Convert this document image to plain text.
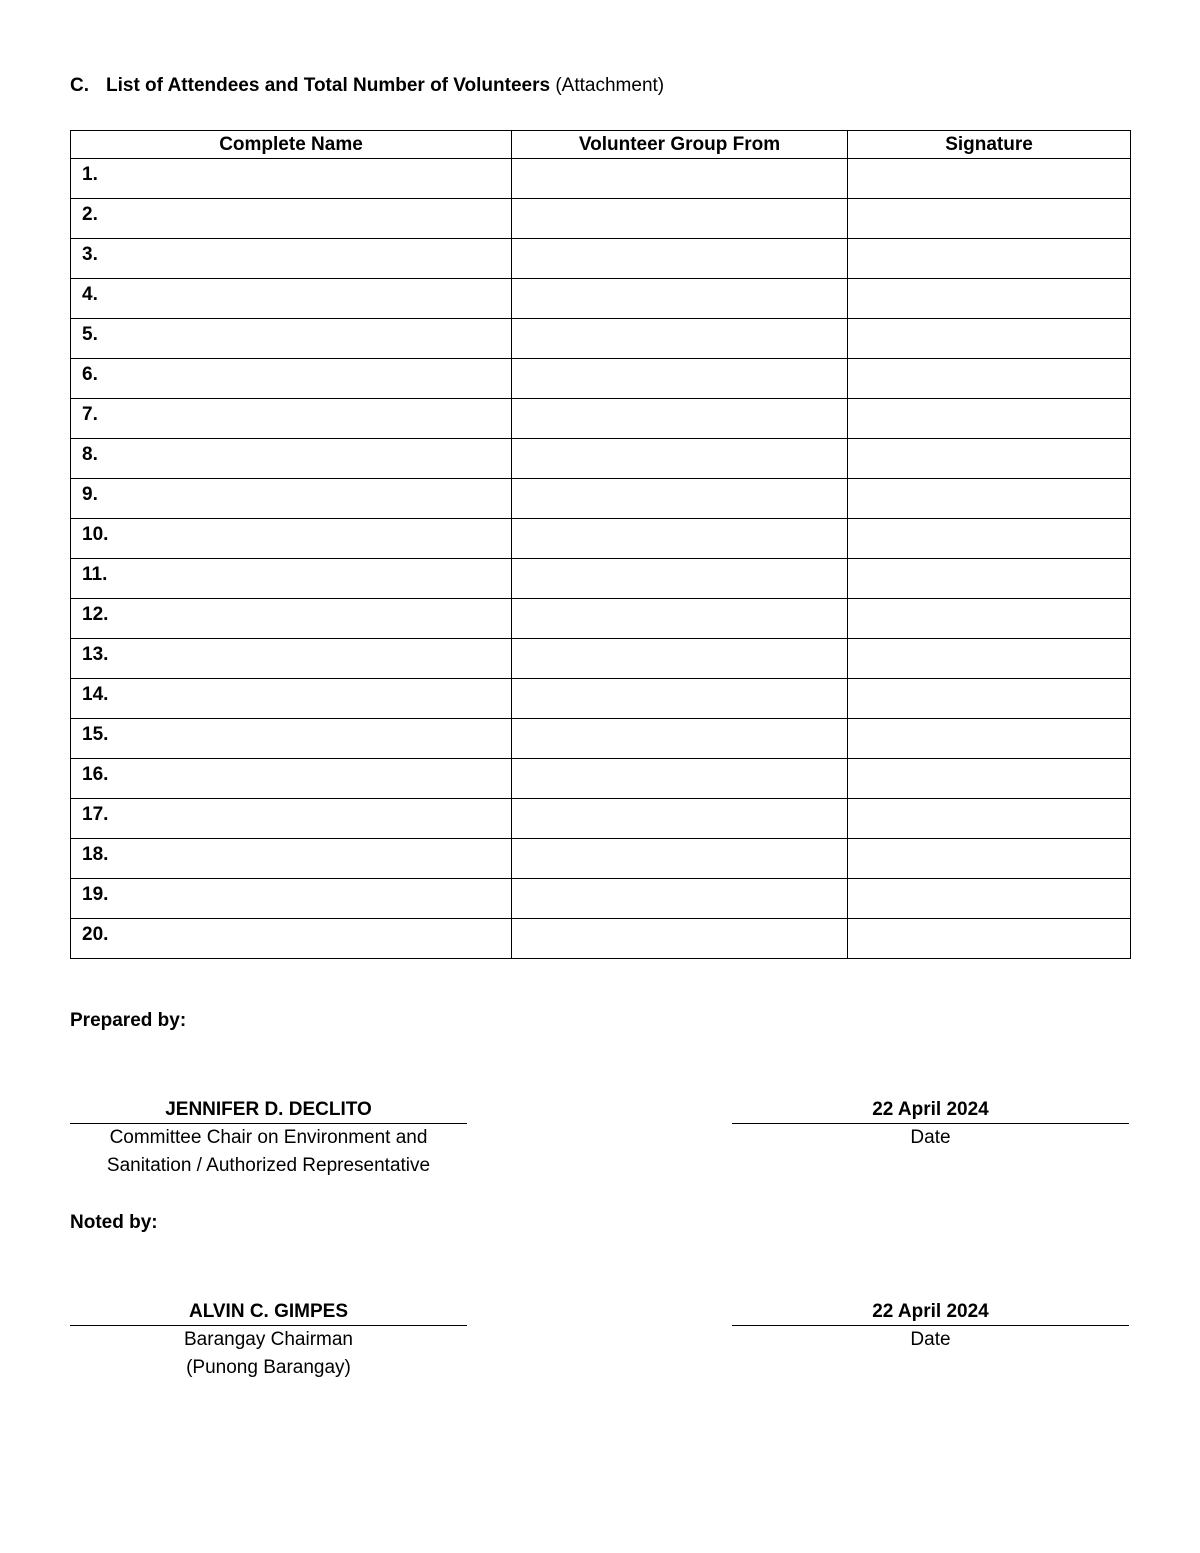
C. List of Attendees and Total Number of Volunteers (Attachment)
Complete Name	Volunteer Group From	Signature
1.		
2.		
3.		
4.		
5.		
6.		
7.		
8.		
9.		
10.		
11.		
12.		
13.		
14.		
15.		
16.		
17.		
18.		
19.		
20.		
Prepared by:
JENNIFER D. DECLITO
Committee Chair on Environment and
Sanitation / Authorized Representative
22 April 2024
Date
Noted by:
ALVIN C. GIMPES
Barangay Chairman
(Punong Barangay)
22 April 2024
Date
